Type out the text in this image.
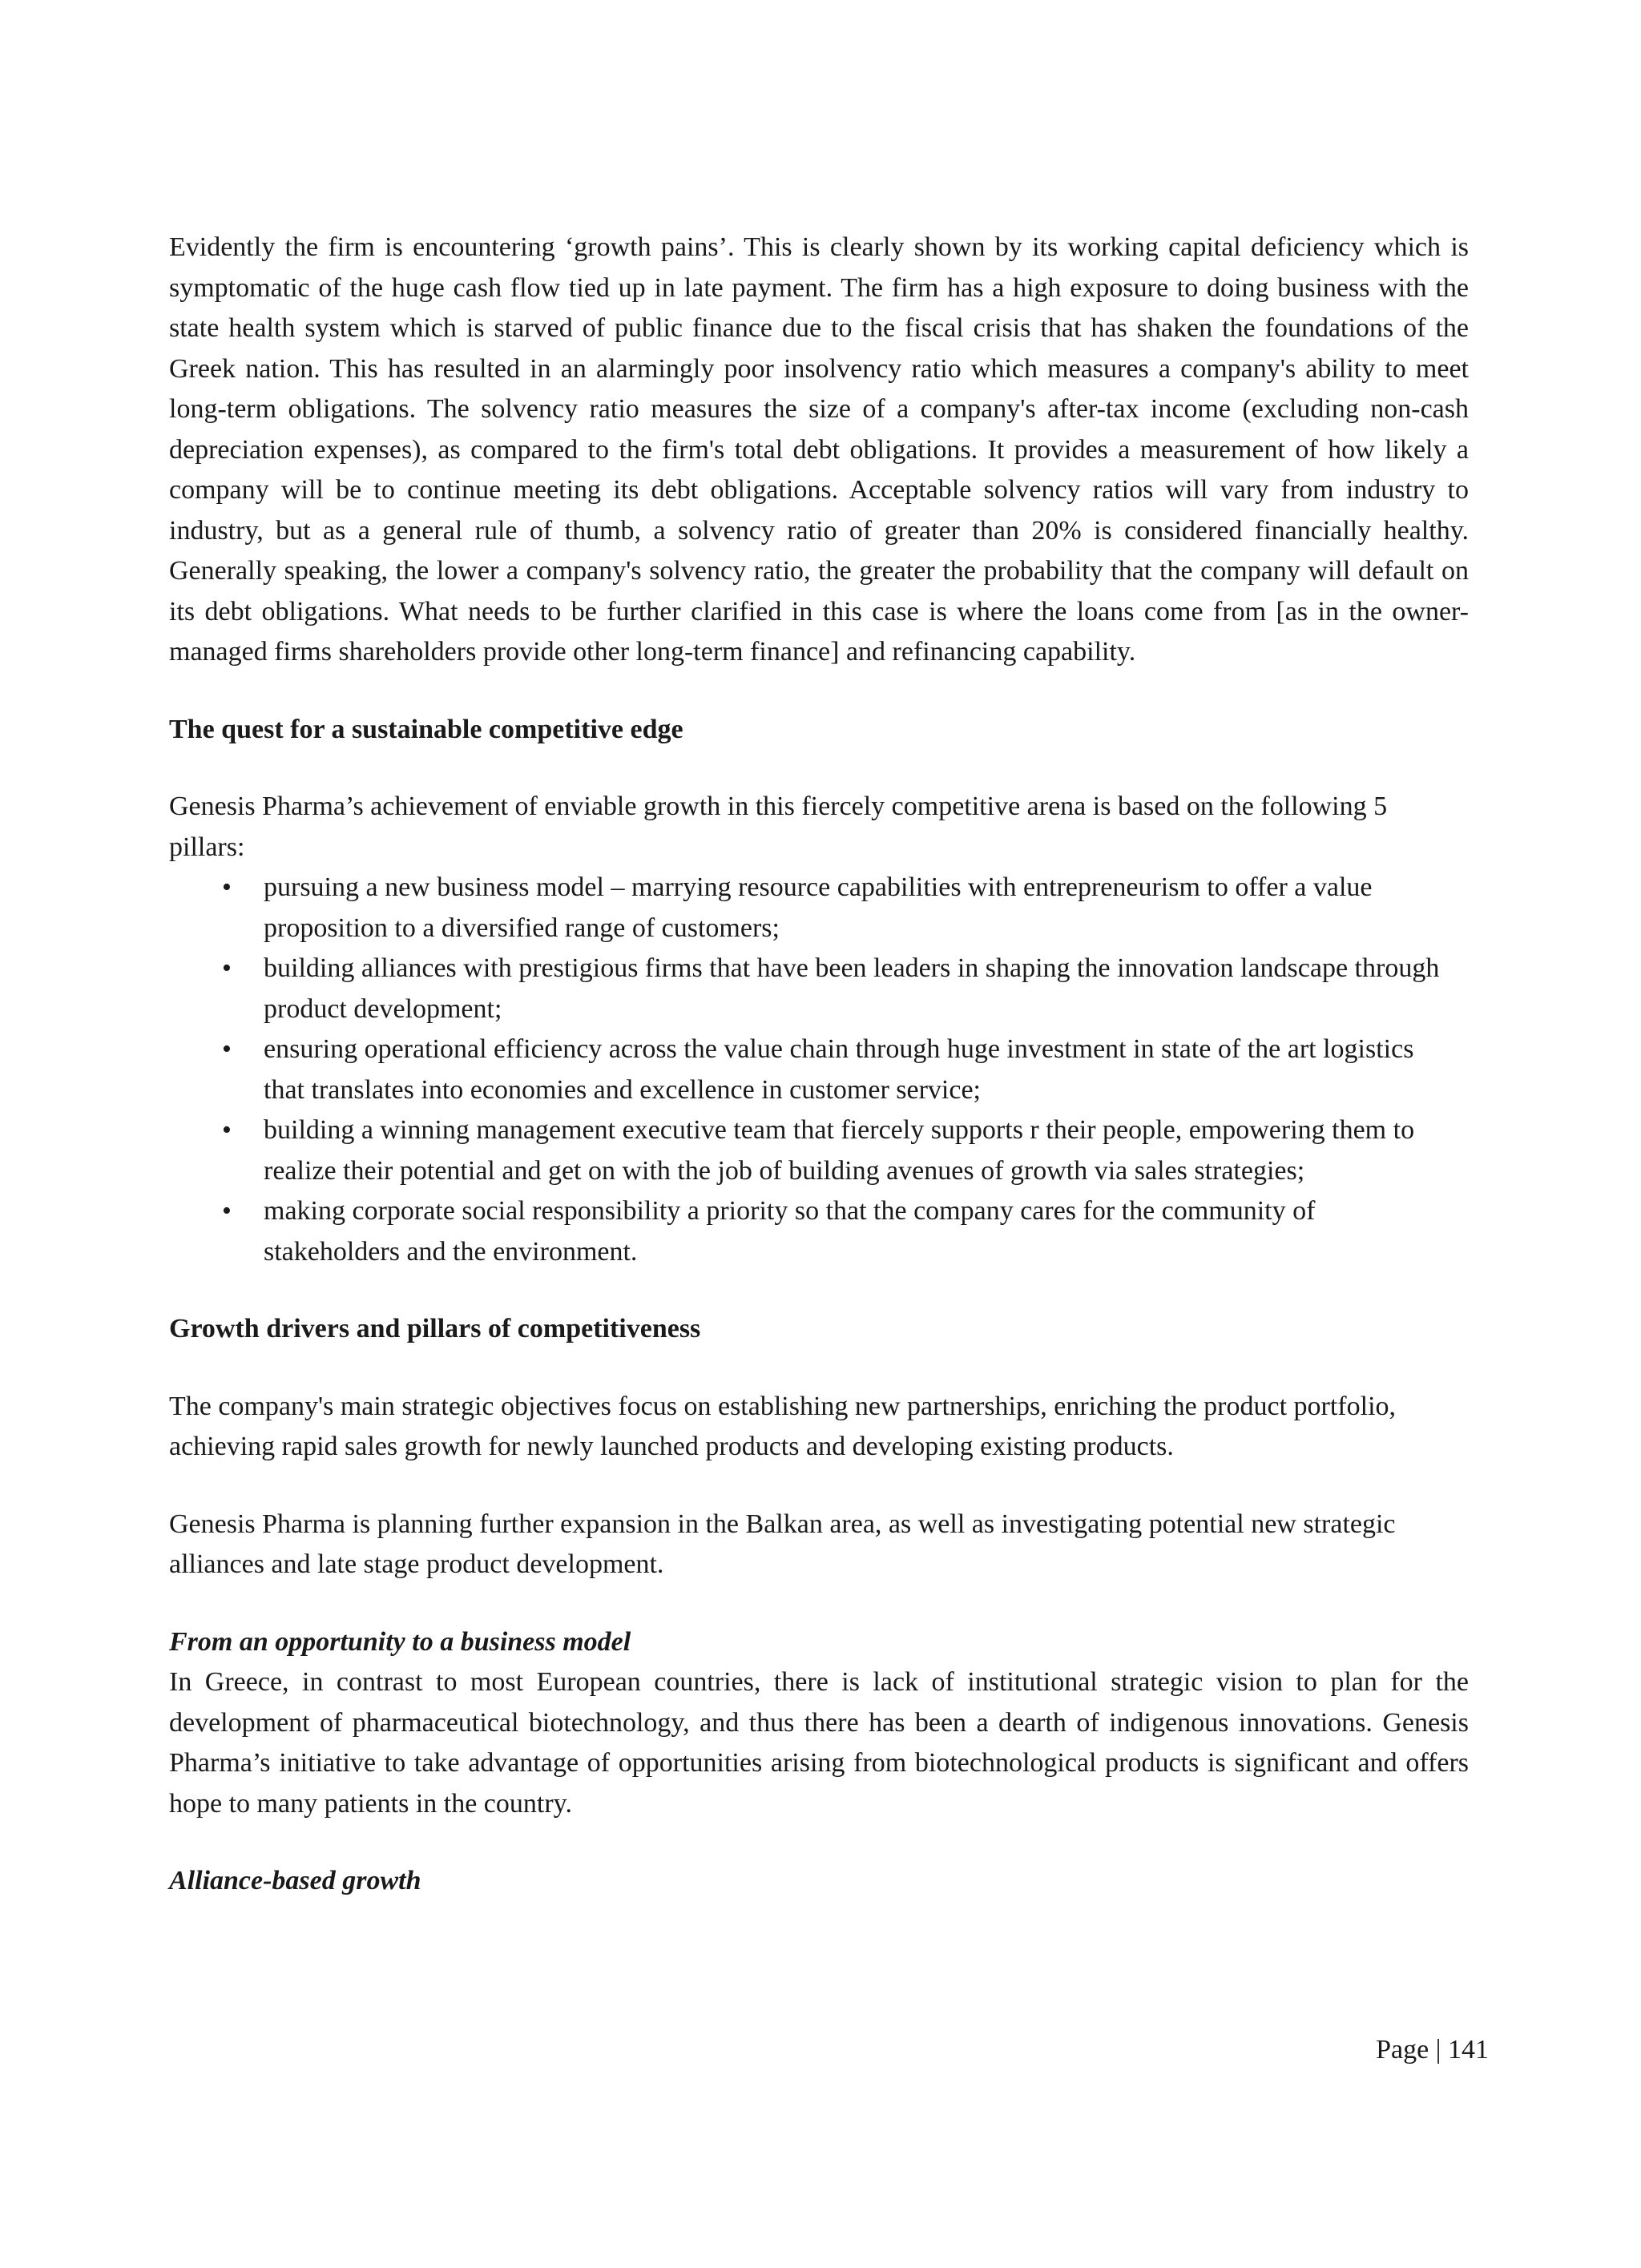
Evidently the firm is encountering ‘growth pains’. This is clearly shown by its working capital deficiency which is symptomatic of the huge cash flow tied up in late payment. The firm has a high exposure to doing business with the state health system which is starved of public finance due to the fiscal crisis that has shaken the foundations of the Greek nation. This has resulted in an alarmingly poor insolvency ratio which measures a company's ability to meet long-term obligations. The solvency ratio measures the size of a company's after-tax income (excluding non-cash depreciation expenses), as compared to the firm's total debt obligations. It provides a measurement of how likely a company will be to continue meeting its debt obligations. Acceptable solvency ratios will vary from industry to industry, but as a general rule of thumb, a solvency ratio of greater than 20% is considered financially healthy. Generally speaking, the lower a company's solvency ratio, the greater the probability that the company will default on its debt obligations. What needs to be further clarified in this case is where the loans come from [as in the owner-managed firms shareholders provide other long-term finance] and refinancing capability.

The quest for a sustainable competitive edge

Genesis Pharma’s achievement of enviable growth in this fiercely competitive arena is based on the following 5 pillars:

•	pursuing a new business model – marrying resource capabilities with entrepreneurism to offer a value proposition to a diversified range of customers;
•	building alliances with prestigious firms that have been leaders in shaping the innovation landscape through product development;
•	ensuring operational efficiency across the value chain through huge investment in state of the art logistics that translates into economies and excellence in customer service;
•	building a winning management executive team that fiercely supports r their people, empowering them to realize their potential and get on with the job of building avenues of growth via sales strategies;
•	making corporate social responsibility a priority so that the company cares for the community of stakeholders and the environment.

Growth drivers and pillars of competitiveness

The company's main strategic objectives focus on establishing new partnerships, enriching the product portfolio, achieving rapid sales growth for newly launched products and developing existing products.

Genesis Pharma is planning further expansion in the Balkan area, as well as investigating potential new strategic alliances and late stage product development.

From an opportunity to a business model

In Greece, in contrast to most European countries, there is lack of institutional strategic vision to plan for the development of pharmaceutical biotechnology, and thus there has been a dearth of indigenous innovations. Genesis Pharma’s initiative to take advantage of opportunities arising from biotechnological products is significant and offers hope to many patients in the country.

Alliance-based growth

Page | 141
